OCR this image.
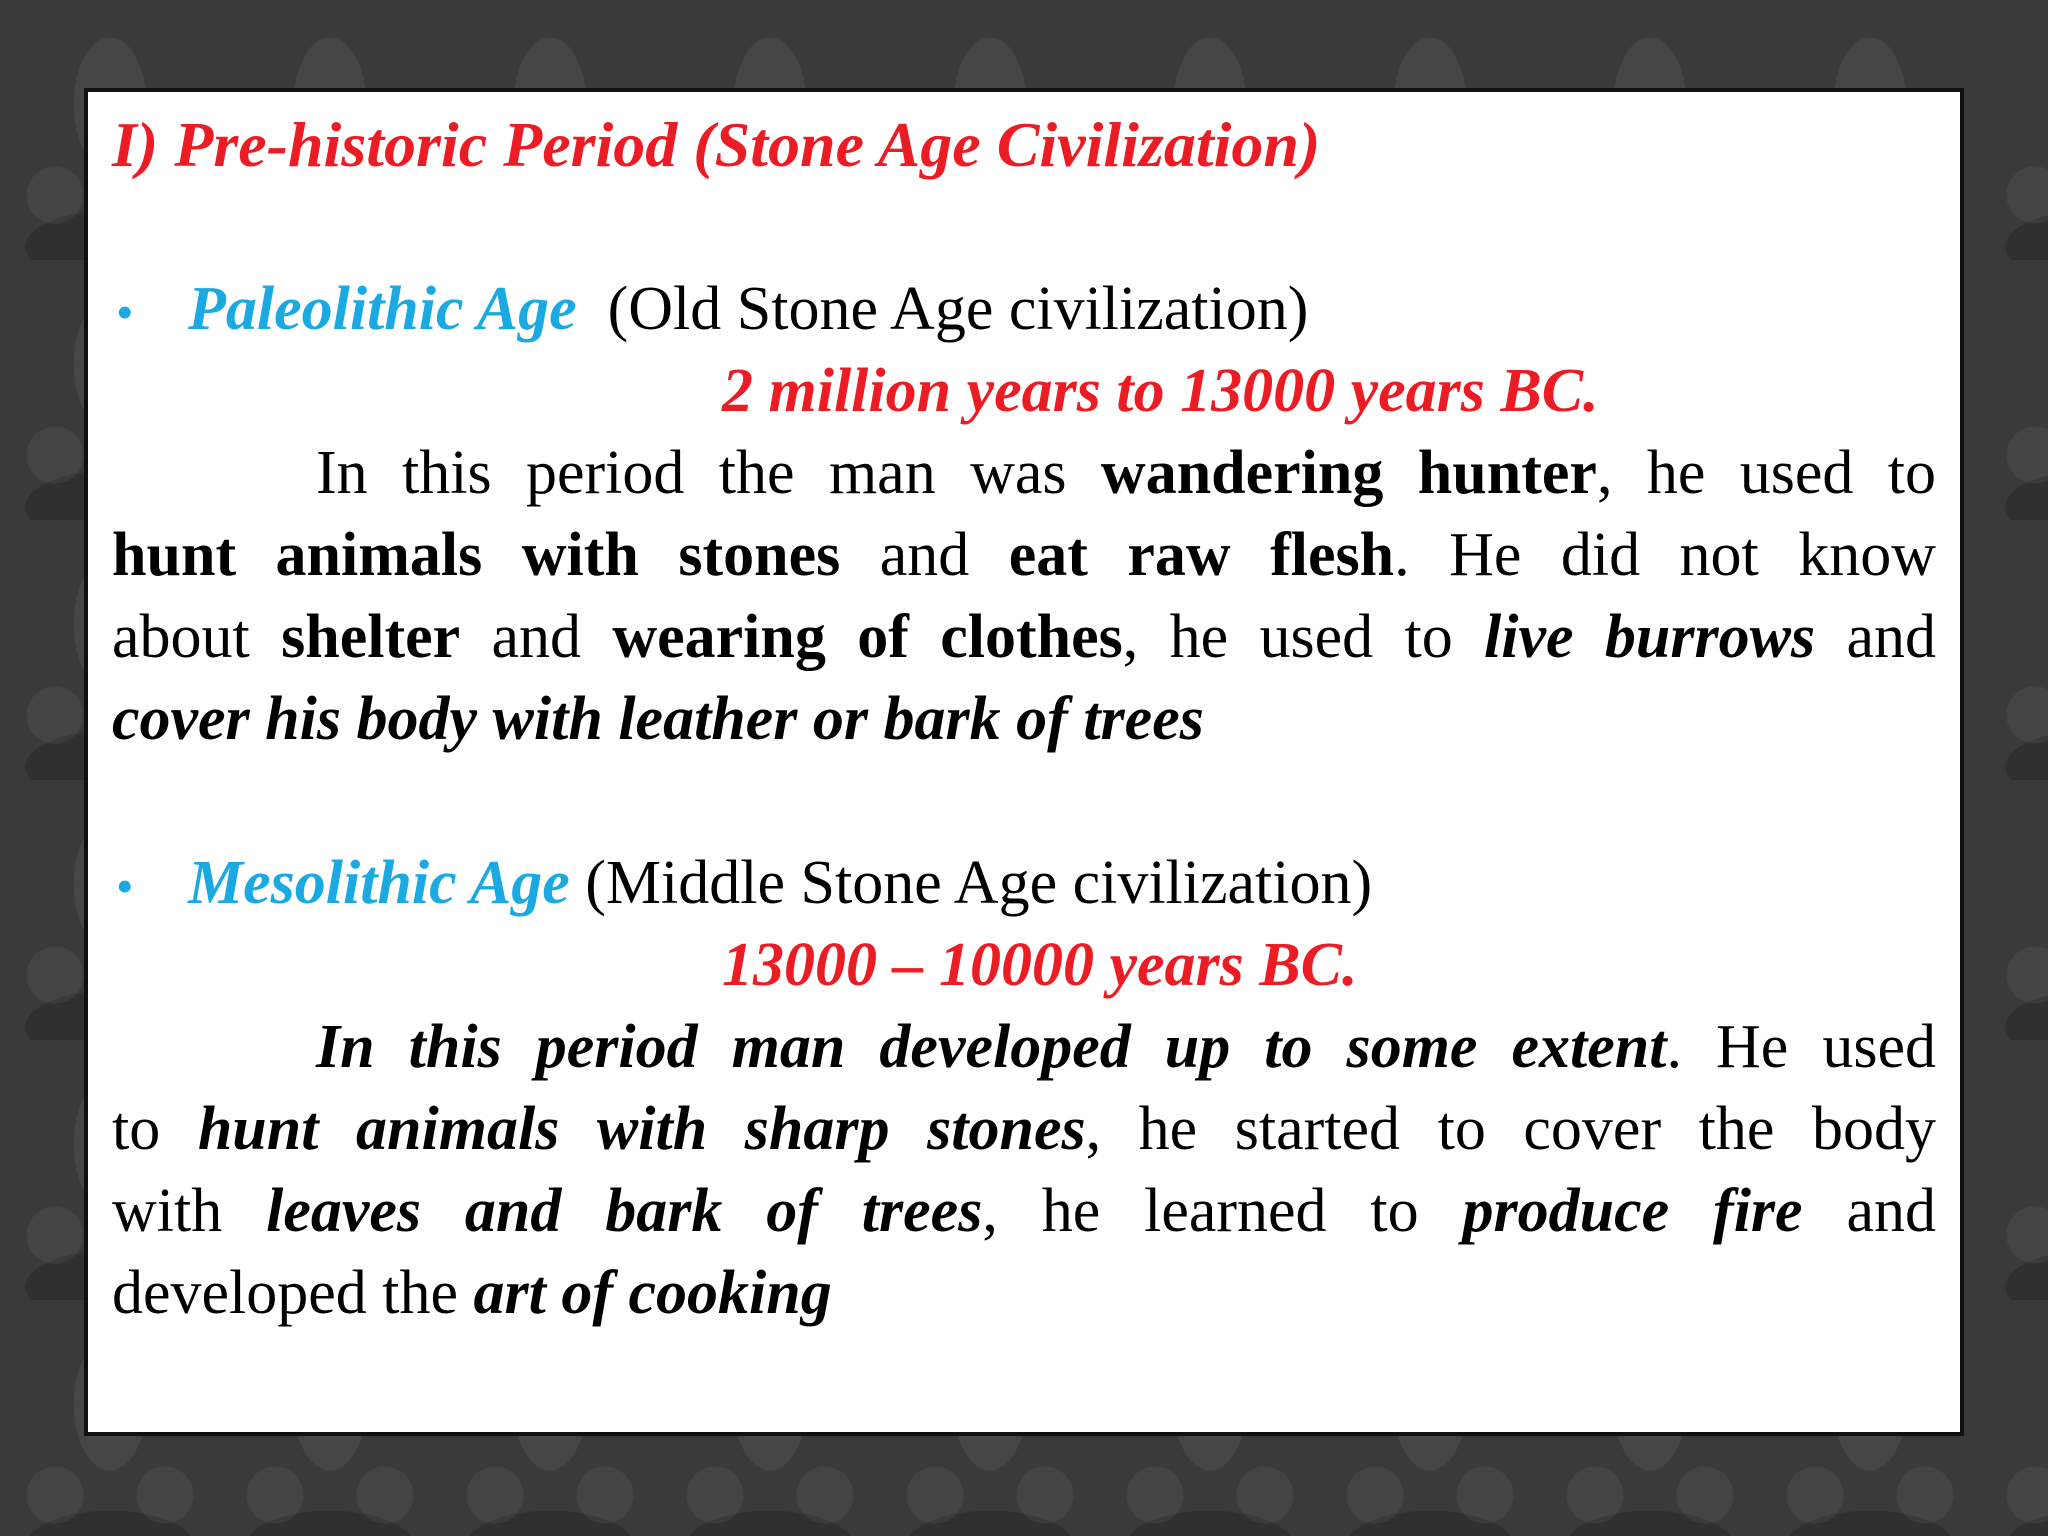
I) Pre-historic Period (Stone Age Civilization)
• Paleolithic Age (Old Stone Age civilization)
2 million years to 13000 years BC.
In this period the man was wandering hunter, he used to
hunt animals with stones and eat raw flesh. He did not know
about shelter and wearing of clothes, he used to live burrows and
cover his body with leather or bark of trees
• Mesolithic Age (Middle Stone Age civilization)
13000 – 10000 years BC.
In this period man developed up to some extent. He used
to hunt animals with sharp stones, he started to cover the body
with leaves and bark of trees, he learned to produce fire and
developed the art of cooking
